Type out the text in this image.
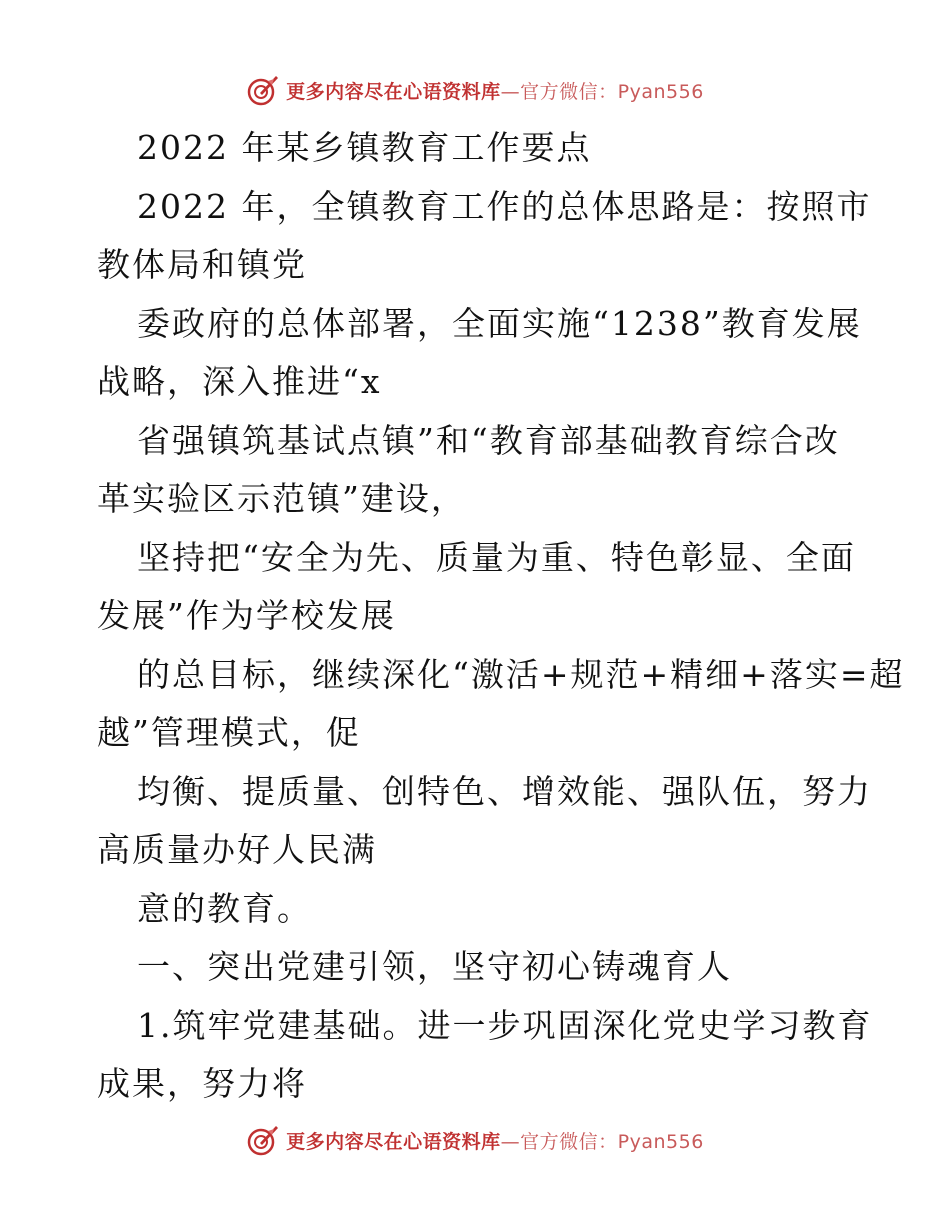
更多内容尽在心语资料库—官方微信：Pyan556
2022 年某乡镇教育工作要点
2022 年，全镇教育工作的总体思路是：按照市
教体局和镇党
委政府的总体部署，全面实施“1238”教育发展
战略，深入推进“x
省强镇筑基试点镇”和“教育部基础教育综合改
革实验区示范镇”建设，
坚持把“安全为先、质量为重、特色彰显、全面
发展”作为学校发展
的总目标，继续深化“激活+规范+精细+落实=超
越”管理模式，促
均衡、提质量、创特色、增效能、强队伍，努力
高质量办好人民满
意的教育。
一、突出党建引领，坚守初心铸魂育人
1.筑牢党建基础。进一步巩固深化党史学习教育
成果，努力将
更多内容尽在心语资料库—官方微信：Pyan556
